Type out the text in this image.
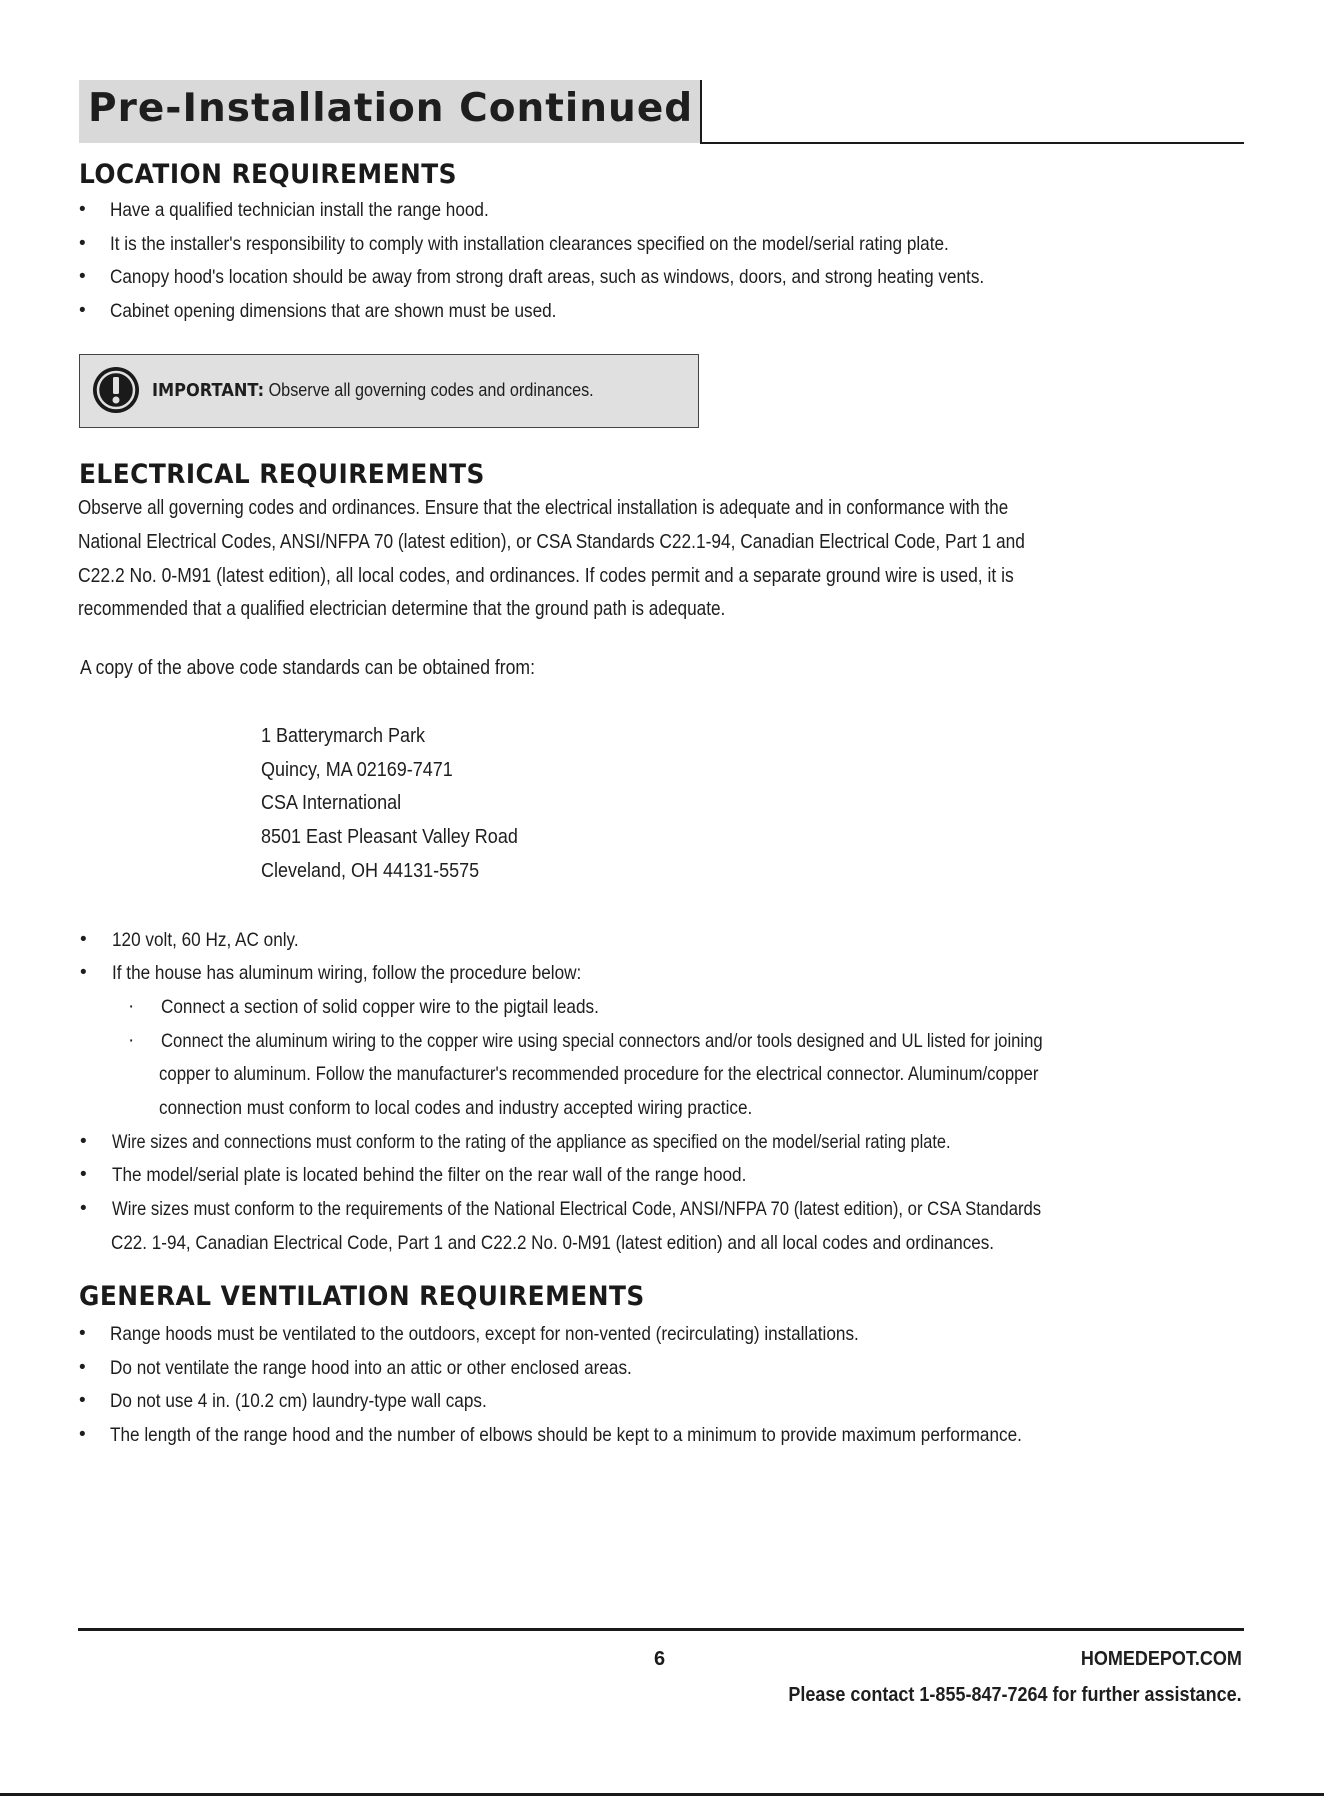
Pre-Installation Continued
LOCATION REQUIREMENTS
• Have a qualified technician install the range hood.
• It is the installer's responsibility to comply with installation clearances specified on the model/serial rating plate.
• Canopy hood's location should be away from strong draft areas, such as windows, doors, and strong heating vents.
• Cabinet opening dimensions that are shown must be used.
IMPORTANT: Observe all governing codes and ordinances.
ELECTRICAL REQUIREMENTS
Observe all governing codes and ordinances. Ensure that the electrical installation is adequate and in conformance with the
National Electrical Codes, ANSI/NFPA 70 (latest edition), or CSA Standards C22.1-94, Canadian Electrical Code, Part 1 and
C22.2 No. 0-M91 (latest edition), all local codes, and ordinances. If codes permit and a separate ground wire is used, it is
recommended that a qualified electrician determine that the ground path is adequate.
A copy of the above code standards can be obtained from:
1 Batterymarch Park
Quincy, MA 02169-7471
CSA International
8501 East Pleasant Valley Road
Cleveland, OH 44131-5575
• 120 volt, 60 Hz, AC only.
• If the house has aluminum wiring, follow the procedure below:
· Connect a section of solid copper wire to the pigtail leads.
· Connect the aluminum wiring to the copper wire using special connectors and/or tools designed and UL listed for joining
copper to aluminum. Follow the manufacturer's recommended procedure for the electrical connector. Aluminum/copper
connection must conform to local codes and industry accepted wiring practice.
• Wire sizes and connections must conform to the rating of the appliance as specified on the model/serial rating plate.
• The model/serial plate is located behind the filter on the rear wall of the range hood.
• Wire sizes must conform to the requirements of the National Electrical Code, ANSI/NFPA 70 (latest edition), or CSA Standards
C22. 1-94, Canadian Electrical Code, Part 1 and C22.2 No. 0-M91 (latest edition) and all local codes and ordinances.
GENERAL VENTILATION REQUIREMENTS
• Range hoods must be ventilated to the outdoors, except for non-vented (recirculating) installations.
• Do not ventilate the range hood into an attic or other enclosed areas.
• Do not use 4 in. (10.2 cm) laundry-type wall caps.
• The length of the range hood and the number of elbows should be kept to a minimum to provide maximum performance.
6	HOMEDEPOT.COM
Please contact 1-855-847-7264 for further assistance.
